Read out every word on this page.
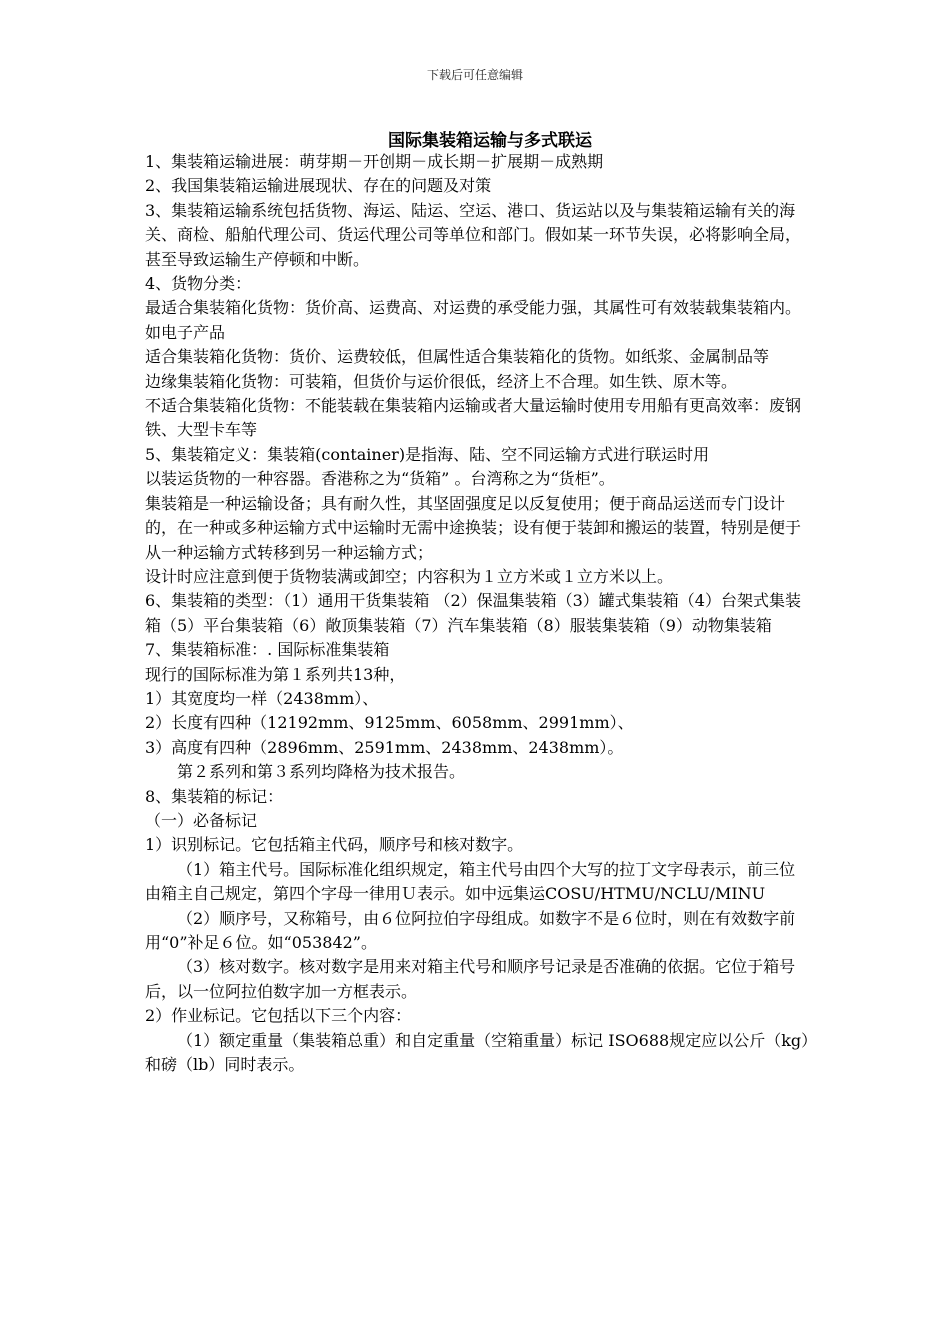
下载后可任意编辑
国际集装箱运输与多式联运

1、集装箱运输进展：萌芽期－开创期－成长期－扩展期－成熟期

2、我国集装箱运输进展现状、存在的问题及对策

3、集装箱运输系统包括货物、海运、陆运、空运、港口、货运站以及与集装箱运输有关的海关、商检、船舶代理公司、货运代理公司等单位和部门。假如某一环节失误，必将影响全局，甚至导致运输生产停顿和中断。

4、货物分类：

最适合集装箱化货物：货价高、运费高、对运费的承受能力强，其属性可有效装载集装箱内。如电子产品

适合集装箱化货物：货价、运费较低，但属性适合集装箱化的货物。如纸浆、金属制品等

边缘集装箱化货物：可装箱，但货价与运价很低，经济上不合理。如生铁、原木等。

不适合集装箱化货物：不能装载在集装箱内运输或者大量运输时使用专用船有更高效率：废钢铁、大型卡车等

5、集装箱定义：集装箱(container)是指海、陆、空不同运输方式进行联运时用

以装运货物的一种容器。香港称之为“货箱” 。台湾称之为“货柜”。

集装箱是一种运输设备；具有耐久性，其坚固强度足以反复使用；便于商品运送而专门设计的，在一种或多种运输方式中运输时无需中途换装；设有便于装卸和搬运的装置，特别是便于从一种运输方式转移到另一种运输方式；

设计时应注意到便于货物装满或卸空；内容积为１立方米或１立方米以上。

6、集装箱的类型：（1）通用干货集装箱 （2）保温集装箱（3）罐式集装箱（4）台架式集装箱（5）平台集装箱（6）敞顶集装箱（7）汽车集装箱（8）服装集装箱（9）动物集装箱

7、集装箱标准：. 国际标准集装箱

现行的国际标准为第１系列共13种，

1）其宽度均一样（2438mm）、

2）长度有四种（12192mm、9125mm、6058mm、2991mm）、

3）高度有四种（2896mm、2591mm、2438mm、2438mm）。

第２系列和第３系列均降格为技术报告。

8、集装箱的标记：

（一）必备标记

1）识别标记。它包括箱主代码，顺序号和核对数字。

（1）箱主代号。国际标准化组织规定，箱主代号由四个大写的拉丁文字母表示，前三位由箱主自己规定，第四个字母一律用Ｕ表示。如中远集运COSU/HTMU/NCLU/MINU

（2）顺序号，又称箱号，由６位阿拉伯字母组成。如数字不是６位时，则在有效数字前用“0”补足６位。如“053842”。

（3）核对数字。核对数字是用来对箱主代号和顺序号记录是否准确的依据。它位于箱号后，以一位阿拉伯数字加一方框表示。

2）作业标记。它包括以下三个内容：

（1）额定重量（集装箱总重）和自定重量（空箱重量）标记 ISO688规定应以公斤（kg）和磅（lb）同时表示。
